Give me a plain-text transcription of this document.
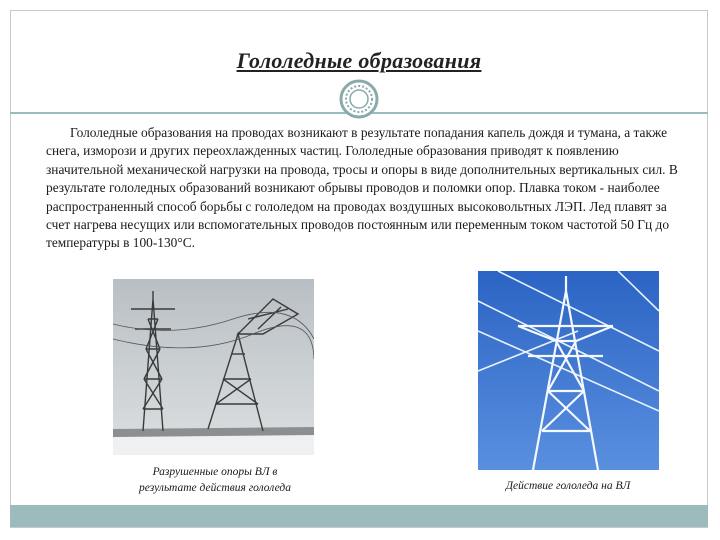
Гололедные образования

Гололедные образования на проводах возникают в результате попадания капель дождя и тумана, а также снега, изморози и других переохлажденных частиц. Гололедные образования приводят к появлению значительной механической нагрузки на провода, тросы и опоры в виде дополнительных вертикальных сил. В результате гололедных образований возникают обрывы проводов и поломки опор. Плавка током - наиболее распространенный способ борьбы с гололедом на проводах воздушных высоковольтных ЛЭП. Лед плавят за счет нагрева несущих или вспомогательных проводов постоянным или переменным током частотой 50 Гц до температуры в 100-130°С.

Разрушенные опоры ВЛ в
результате действия гололеда	Действие гололеда на ВЛ
